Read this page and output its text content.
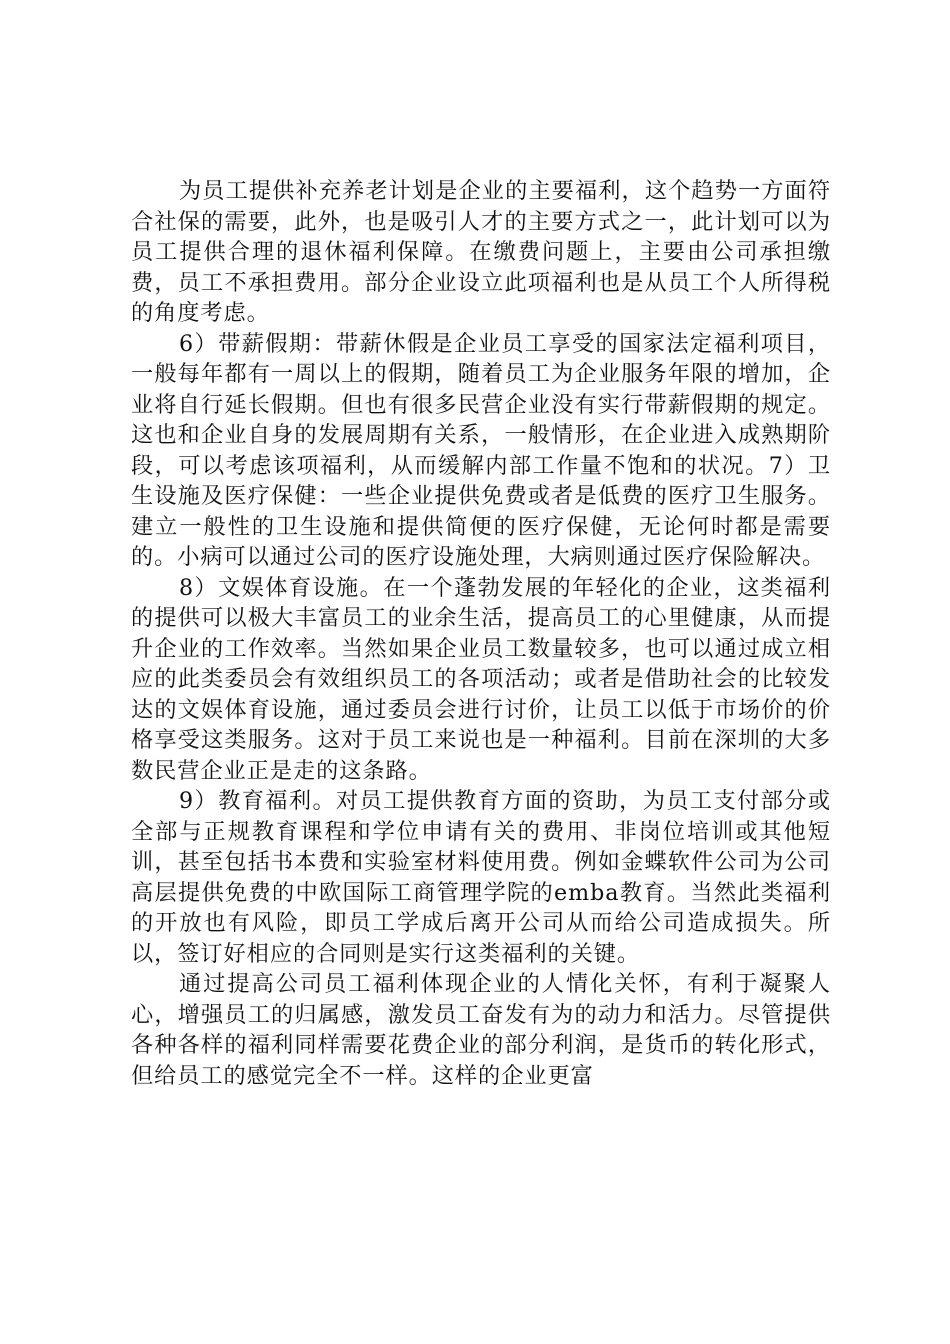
为员工提供补充养老计划是企业的主要福利，这个趋势一方面符合社保的需要，此外，也是吸引人才的主要方式之一，此计划可以为员工提供合理的退休福利保障。在缴费问题上，主要由公司承担缴费，员工不承担费用。部分企业设立此项福利也是从员工个人所得税的角度考虑。

6）带薪假期：带薪休假是企业员工享受的国家法定福利项目，一般每年都有一周以上的假期，随着员工为企业服务年限的增加，企业将自行延长假期。但也有很多民营企业没有实行带薪假期的规定。这也和企业自身的发展周期有关系，一般情形，在企业进入成熟期阶段，可以考虑该项福利，从而缓解内部工作量不饱和的状况。7）卫生设施及医疗保健：一些企业提供免费或者是低费的医疗卫生服务。建立一般性的卫生设施和提供简便的医疗保健，无论何时都是需要的。小病可以通过公司的医疗设施处理，大病则通过医疗保险解决。

8）文娱体育设施。在一个蓬勃发展的年轻化的企业，这类福利的提供可以极大丰富员工的业余生活，提高员工的心里健康，从而提升企业的工作效率。当然如果企业员工数量较多，也可以通过成立相应的此类委员会有效组织员工的各项活动；或者是借助社会的比较发达的文娱体育设施，通过委员会进行讨价，让员工以低于市场价的价格享受这类服务。这对于员工来说也是一种福利。目前在深圳的大多数民营企业正是走的这条路。

9）教育福利。对员工提供教育方面的资助，为员工支付部分或全部与正规教育课程和学位申请有关的费用、非岗位培训或其他短训，甚至包括书本费和实验室材料使用费。例如金蝶软件公司为公司高层提供免费的中欧国际工商管理学院的emba教育。当然此类福利的开放也有风险，即员工学成后离开公司从而给公司造成损失。所以，签订好相应的合同则是实行这类福利的关键。

通过提高公司员工福利体现企业的人情化关怀，有利于凝聚人心，增强员工的归属感，激发员工奋发有为的动力和活力。尽管提供各种各样的福利同样需要花费企业的部分利润，是货币的转化形式，但给员工的感觉完全不一样。这样的企业更富
